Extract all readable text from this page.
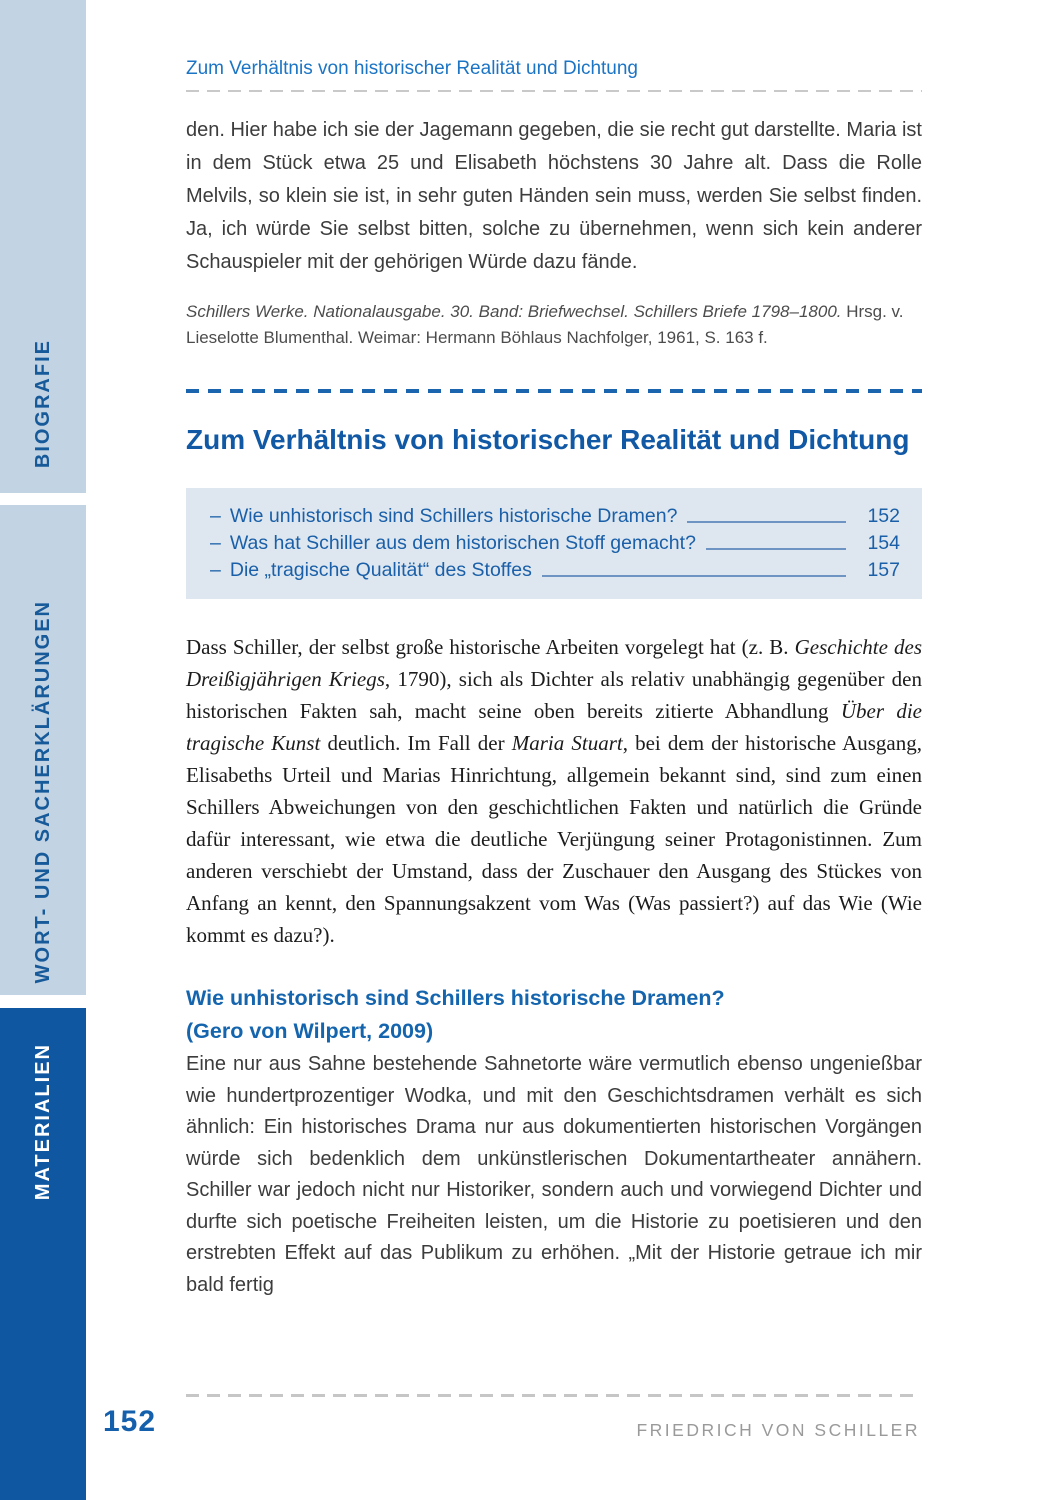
BIOGRAFIE
WORT- UND SACHERKLÄRUNGEN
MATERIALIEN
Zum Verhältnis von historischer Realität und Dichtung

den. Hier habe ich sie der Jagemann gegeben, die sie recht gut darstellte. Maria ist in dem Stück etwa 25 und Elisabeth höchstens 30 Jahre alt. Dass die Rolle Melvils, so klein sie ist, in sehr guten Händen sein muss, werden Sie selbst finden. Ja, ich würde Sie selbst bitten, solche zu übernehmen, wenn sich kein anderer Schauspieler mit der gehörigen Würde dazu fände.

Schillers Werke. Nationalausgabe. 30. Band: Briefwechsel. Schillers Briefe 1798–1800. Hrsg. v. Lieselotte Blumenthal. Weimar: Hermann Böhlaus Nachfolger, 1961, S. 163 f.

Zum Verhältnis von historischer Realität und Dichtung
– Wie unhistorisch sind Schillers historische Dramen?	152
– Was hat Schiller aus dem historischen Stoff gemacht?	154
– Die „tragische Qualität“ des Stoffes	157

Dass Schiller, der selbst große historische Arbeiten vorgelegt hat (z. B. Geschichte des Dreißigjährigen Kriegs, 1790), sich als Dichter als relativ unabhängig gegenüber den historischen Fakten sah, macht seine oben bereits zitierte Abhandlung Über die tragische Kunst deutlich. Im Fall der Maria Stuart, bei dem der historische Ausgang, Elisabeths Urteil und Marias Hinrichtung, allgemein bekannt sind, sind zum einen Schillers Abweichungen von den geschichtlichen Fakten und natürlich die Gründe dafür interessant, wie etwa die deutliche Verjüngung seiner Protagonistinnen. Zum anderen verschiebt der Umstand, dass der Zuschauer den Ausgang des Stückes von Anfang an kennt, den Spannungsakzent vom Was (Was passiert?) auf das Wie (Wie kommt es dazu?).

Wie unhistorisch sind Schillers historische Dramen?
(Gero von Wilpert, 2009)

Eine nur aus Sahne bestehende Sahnetorte wäre vermutlich ebenso ungenießbar wie hundertprozentiger Wodka, und mit den Geschichtsdramen verhält es sich ähnlich: Ein historisches Drama nur aus dokumentierten historischen Vorgängen würde sich bedenklich dem unkünstlerischen Dokumentartheater annähern. Schiller war jedoch nicht nur Historiker, sondern auch und vorwiegend Dichter und durfte sich poetische Freiheiten leisten, um die Historie zu poetisieren und den erstrebten Effekt auf das Publikum zu erhöhen. „Mit der Historie getraue ich mir bald fertig

152	FRIEDRICH VON SCHILLER
